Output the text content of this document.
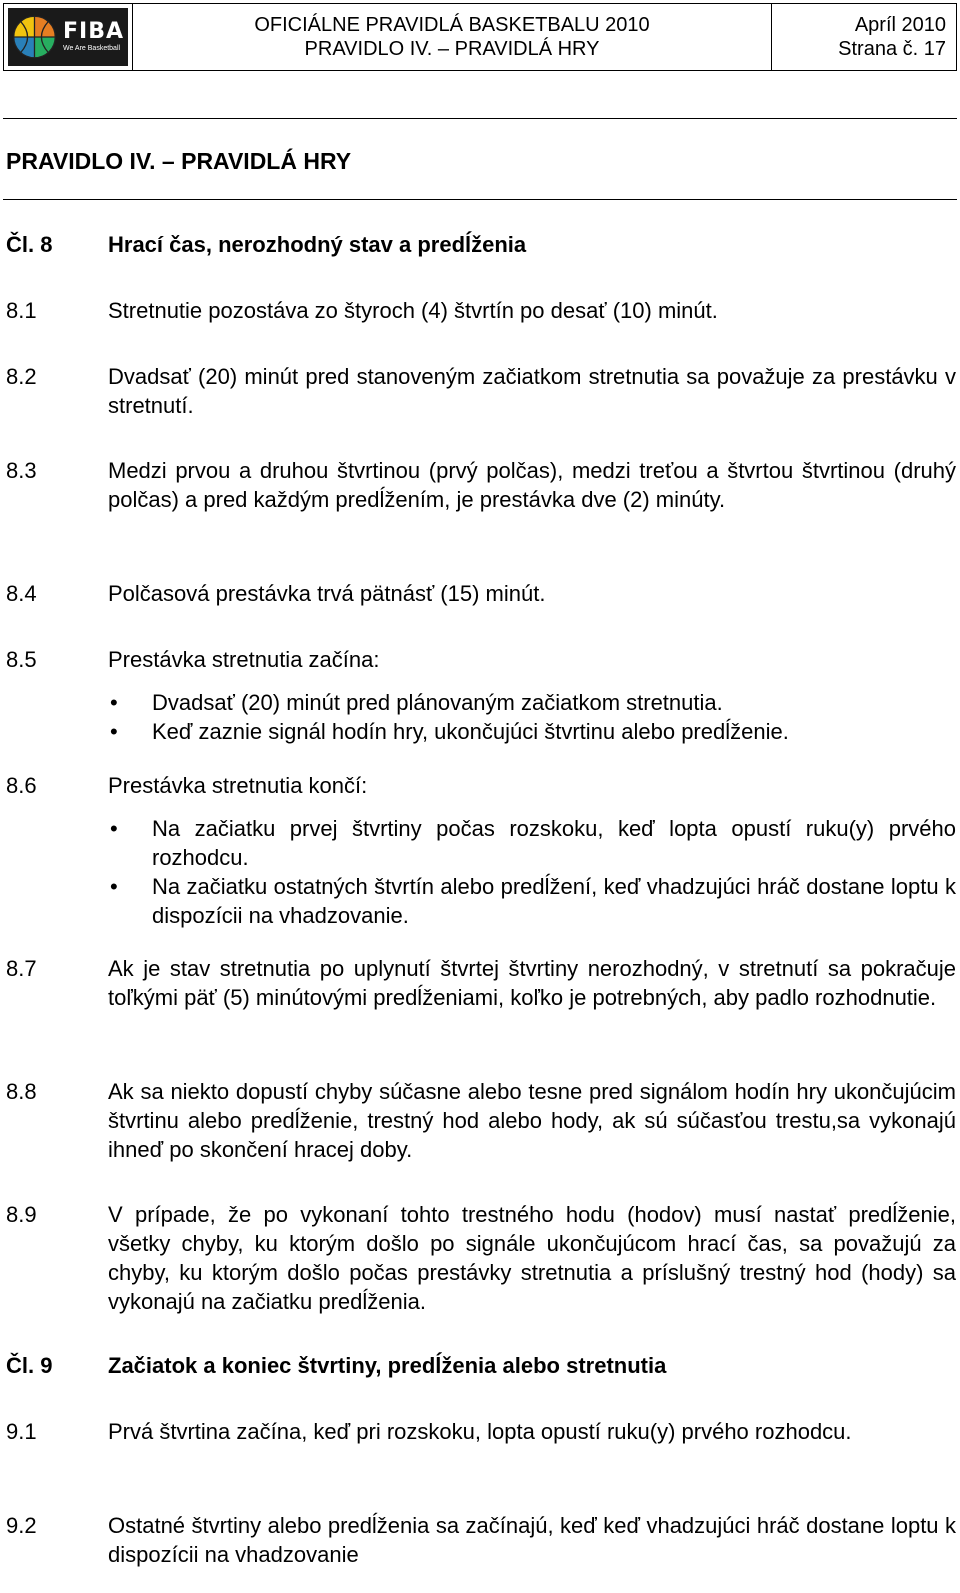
FIBA
We Are Basketball
OFICIÁLNE PRAVIDLÁ BASKETBALU 2010
PRAVIDLO IV. – PRAVIDLÁ HRY
Apríl 2010
Strana č. 17
PRAVIDLO IV. – PRAVIDLÁ HRY
Čl. 8	Hrací čas, nerozhodný stav a predĺženia
8.1	Stretnutie pozostáva zo štyroch (4) štvrtín po desať (10) minút.
8.2	Dvadsať (20) minút pred stanoveným začiatkom stretnutia sa považuje za prestávku v stretnutí.
8.3	Medzi prvou a druhou štvrtinou (prvý polčas), medzi treťou a štvrtou štvrtinou (druhý polčas) a pred každým predĺžením, je prestávka dve (2) minúty.
8.4	Polčasová prestávka trvá pätnásť (15) minút.
8.5	Prestávka stretnutia začína:
• Dvadsať (20) minút pred plánovaným začiatkom stretnutia.
• Keď zaznie signál hodín hry, ukončujúci štvrtinu alebo predĺženie.
8.6	Prestávka stretnutia končí:
• Na začiatku prvej štvrtiny počas rozskoku, keď lopta opustí ruku(y) prvého rozhodcu.
• Na začiatku ostatných štvrtín alebo predĺžení, keď vhadzujúci hráč dostane loptu k dispozícii na vhadzovanie.
8.7	Ak je stav stretnutia po uplynutí štvrtej štvrtiny nerozhodný, v stretnutí sa pokračuje toľkými päť (5) minútovými predĺženiami, koľko je potrebných, aby padlo rozhodnutie.
8.8	Ak sa niekto dopustí chyby súčasne alebo tesne pred signálom hodín hry ukončujúcim štvrtinu alebo predĺženie, trestný hod alebo hody, ak sú súčasťou trestu,sa vykonajú ihneď po skončení hracej doby.
8.9	V prípade, že po vykonaní tohto trestného hodu (hodov) musí nastať predĺženie, všetky chyby, ku ktorým došlo po signále ukončujúcom hrací čas, sa považujú za chyby, ku ktorým došlo počas prestávky stretnutia a príslušný trestný hod (hody) sa vykonajú na začiatku predĺženia.
Čl. 9	Začiatok a koniec štvrtiny, predĺženia alebo stretnutia
9.1	Prvá štvrtina začína, keď pri rozskoku, lopta opustí ruku(y) prvého rozhodcu.
9.2	Ostatné štvrtiny alebo predĺženia sa začínajú, keď keď vhadzujúci hráč dostane loptu k dispozícii na vhadzovanie
